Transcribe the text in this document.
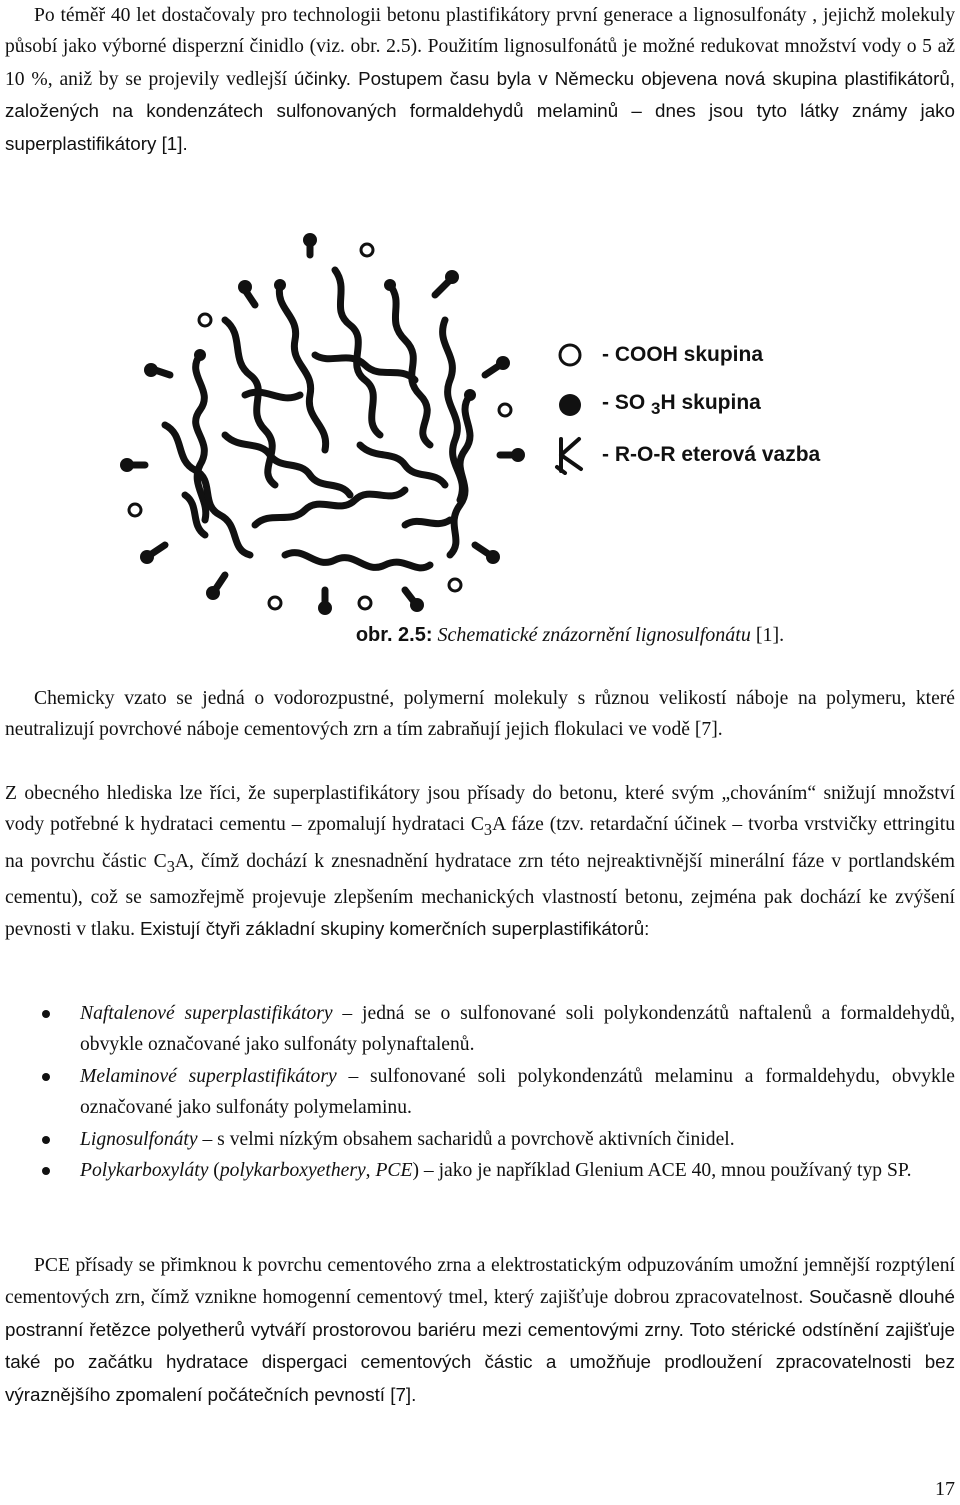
Po téměř 40 let dostačovaly pro technologii betonu plastifikátory první generace a lignosulfonáty , jejichž molekuly působí jako výborné disperzní činidlo (viz. obr. 2.5). Použitím lignosulfonátů je možné redukovat množství vody o 5 až 10 %, aniž by se projevily vedlejší účinky. Postupem času byla v Německu objevena nová skupina plastifikátorů, založených na kondenzátech sulfonovaných formaldehydů melaminů – dnes jsou tyto látky známy jako superplastifikátory [1].

- COOH skupina
- SO $_3$H skupina
- R-O-R eterová vazba
obr. 2.5: Schematické znázornění lignosulfonátu [1].

Chemicky vzato se jedná o vodorozpustné, polymerní molekuly s různou velikostí náboje na polymeru, které neutralizují povrchové náboje cementových zrn a tím zabraňují jejich flokulaci ve vodě [7].

Z obecného hlediska lze říci, že superplastifikátory jsou přísady do betonu, které svým „chováním“ snižují množství vody potřebné k hydrataci cementu – zpomalují hydrataci $C_3A$ fáze (tzv. retardační účinek – tvorba vrstvičky ettringitu na povrchu částic $C_3A$, čímž dochází k znesnadnění hydratace zrn této nejreaktivnější minerální fáze v portlandském cementu), což se samozřejmě projevuje zlepšením mechanických vlastností betonu, zejména pak dochází ke zvýšení pevnosti v tlaku. Existují čtyři základní skupiny komerčních superplastifikátorů:

Naftalenové superplastifikátory – jedná se o sulfonované soli polykondenzátů naftalenů a formaldehydů, obvykle označované jako sulfonáty polynaftalenů.
Melaminové superplastifikátory – sulfonované soli polykondenzátů melaminu a formaldehydu, obvykle označované jako sulfonáty polymelaminu.
Lignosulfonáty – s velmi nízkým obsahem sacharidů a povrchově aktivních činidel.
Polykarboxyláty (polykarboxyethery, PCE) – jako je například Glenium ACE 40, mnou používaný typ SP.

PCE přísady se přimknou k povrchu cementového zrna a elektrostatickým odpuzováním umožní jemnější rozptýlení cementových zrn, čímž vznikne homogenní cementový tmel, který zajišťuje dobrou zpracovatelnost. Současně dlouhé postranní řetězce polyetherů vytváří prostorovou bariéru mezi cementovými zrny. Toto stérické odstínění zajišťuje také po začátku hydratace dispergaci cementových částic a umožňuje prodloužení zpracovatelnosti bez výraznějšího zpomalení počátečních pevností [7].

17
